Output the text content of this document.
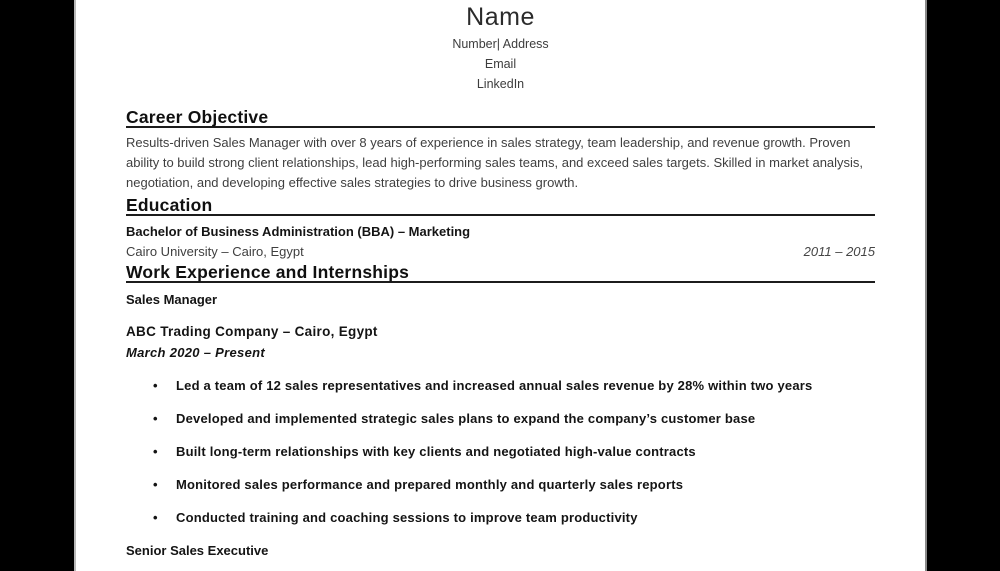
Name
Number| Address
Email
LinkedIn
Career Objective

Results-driven Sales Manager with over 8 years of experience in sales strategy, team leadership, and revenue growth. Proven ability to build strong client relationships, lead high-performing sales teams, and exceed sales targets. Skilled in market analysis, negotiation, and developing effective sales strategies to drive business growth.

Education
Bachelor of Business Administration (BBA) – Marketing
Cairo University – Cairo, Egypt	2011 – 2015
Work Experience and Internships
Sales Manager
ABC Trading Company – Cairo, Egypt
March 2020 – Present
• Led a team of 12 sales representatives and increased annual sales revenue by 28% within two years
• Developed and implemented strategic sales plans to expand the company’s customer base
• Built long-term relationships with key clients and negotiated high-value contracts
• Monitored sales performance and prepared monthly and quarterly sales reports
• Conducted training and coaching sessions to improve team productivity
Senior Sales Executive
